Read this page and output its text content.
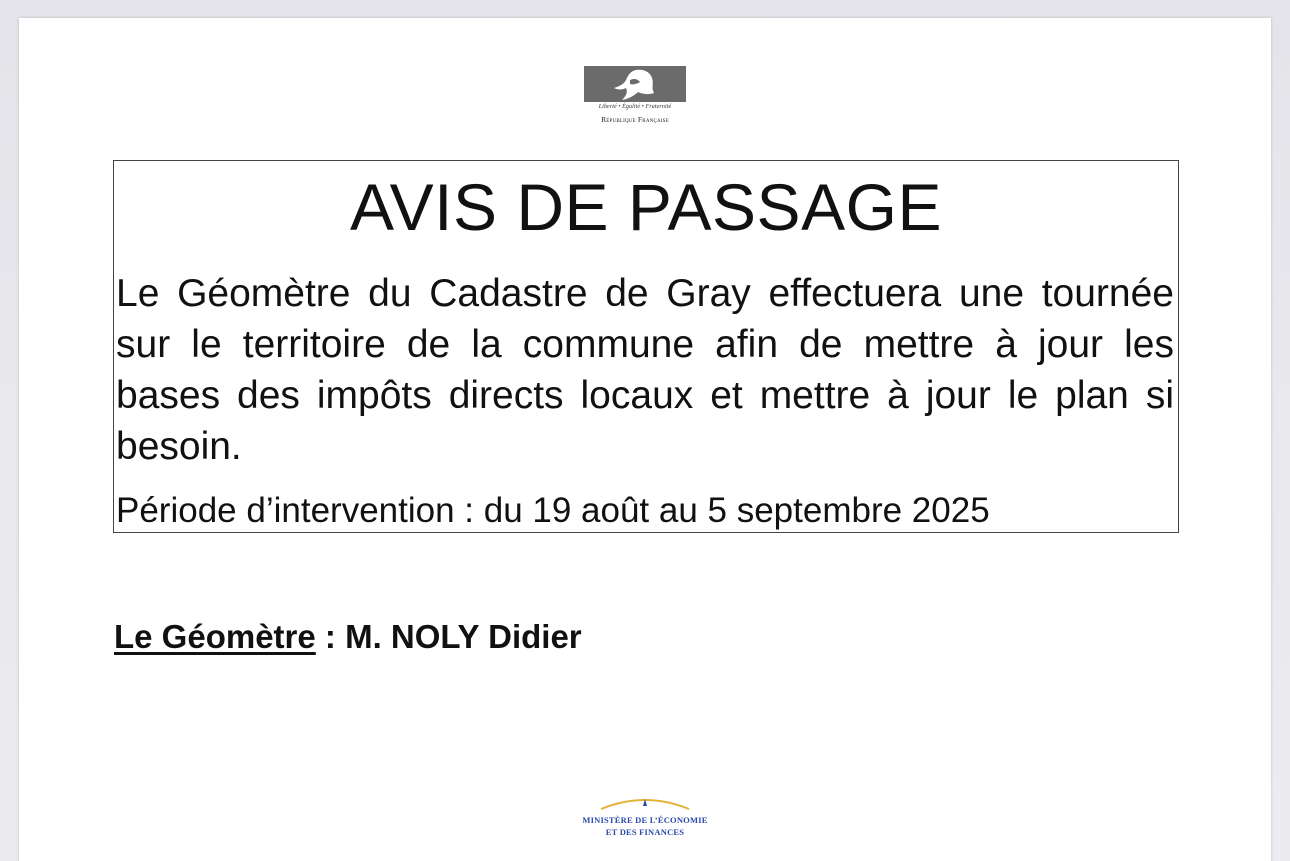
Liberté • Égalité • Fraternité
République Française
AVIS DE PASSAGE
Le Géomètre du Cadastre de Gray effectuera une tournée sur le territoire de la commune afin de mettre à jour les bases des impôts directs locaux et mettre à jour le plan si besoin.
Période d’intervention : du 19 août au 5 septembre 2025
Le Géomètre : M. NOLY Didier
MINISTÈRE DE L’ÉCONOMIE
ET DES FINANCES
